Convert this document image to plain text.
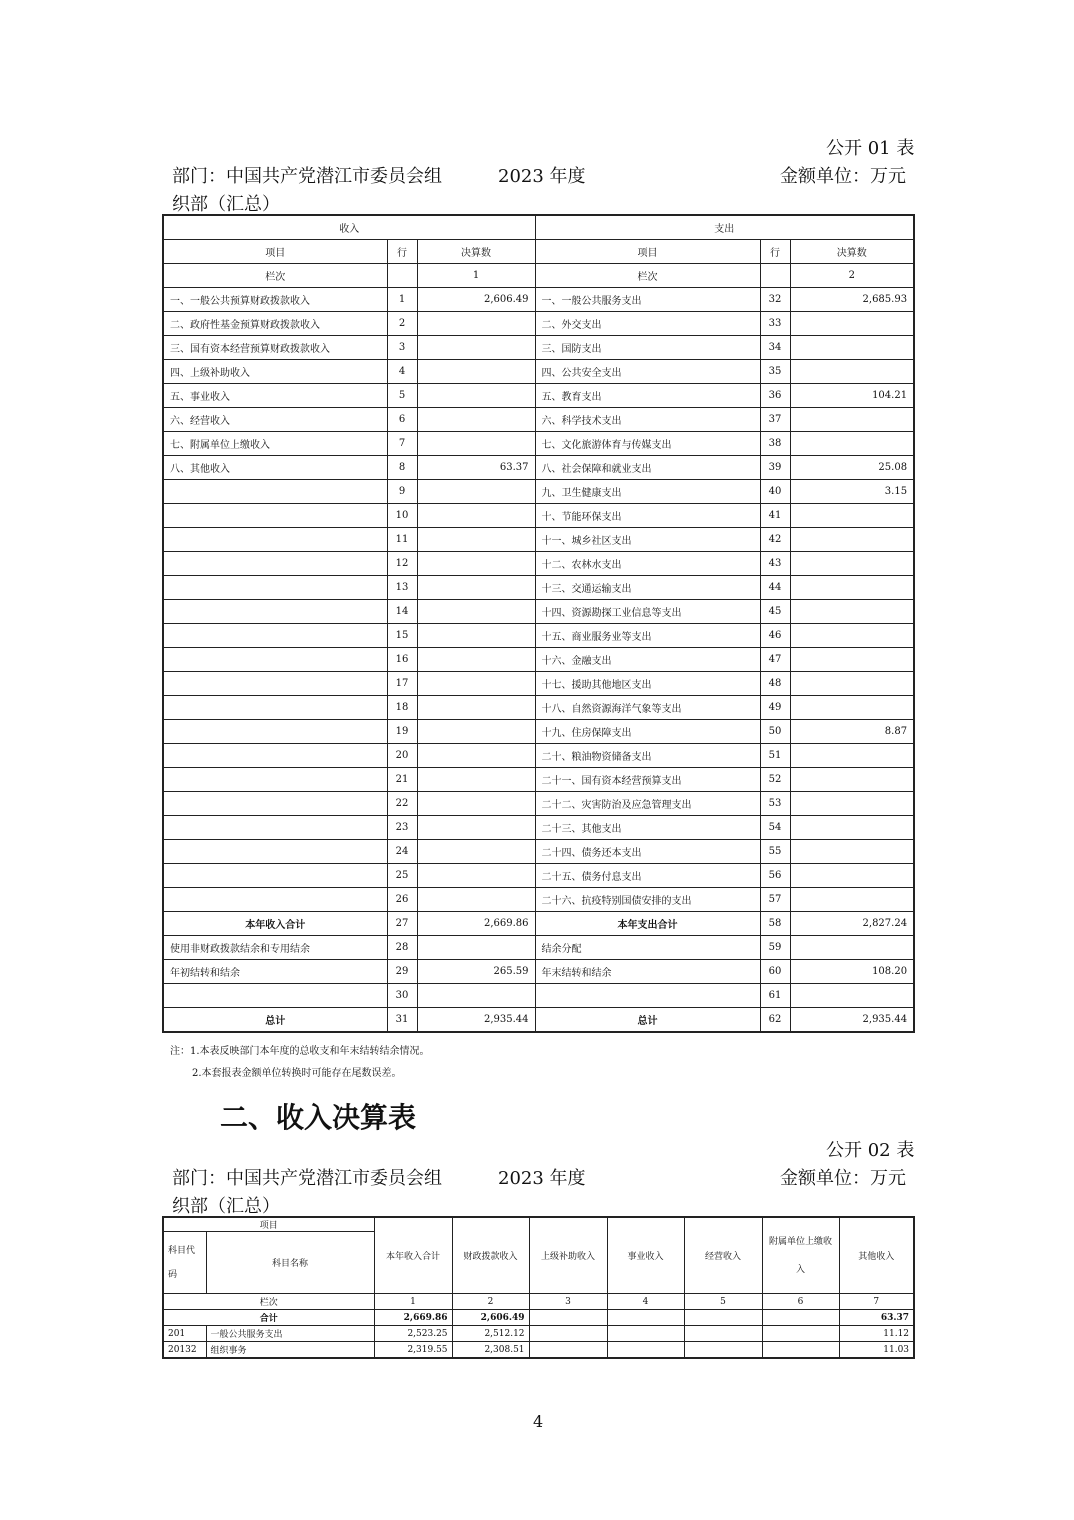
公开 01 表
部门：中国共产党潜江市委员会组	2023 年度	金额单位：万元
织部（汇总）
收入			支出		
项目	行	决算数	项目	行	决算数
栏次		1	栏次		2
一、一般公共预算财政拨款收入	1	2,606.49	一、一般公共服务支出	32	2,685.93
二、政府性基金预算财政拨款收入	2		二、外交支出	33	
三、国有资本经营预算财政拨款收入	3		三、国防支出	34	
四、上级补助收入	4		四、公共安全支出	35	
五、事业收入	5		五、教育支出	36	104.21
六、经营收入	6		六、科学技术支出	37	
七、附属单位上缴收入	7		七、文化旅游体育与传媒支出	38	
八、其他收入	8	63.37	八、社会保障和就业支出	39	25.08
	9		九、卫生健康支出	40	3.15
	10		十、节能环保支出	41	
	11		十一、城乡社区支出	42	
	12		十二、农林水支出	43	
	13		十三、交通运输支出	44	
	14		十四、资源勘探工业信息等支出	45	
	15		十五、商业服务业等支出	46	
	16		十六、金融支出	47	
	17		十七、援助其他地区支出	48	
	18		十八、自然资源海洋气象等支出	49	
	19		十九、住房保障支出	50	8.87
	20		二十、粮油物资储备支出	51	
	21		二十一、国有资本经营预算支出	52	
	22		二十二、灾害防治及应急管理支出	53	
	23		二十三、其他支出	54	
	24		二十四、债务还本支出	55	
	25		二十五、债务付息支出	56	
	26		二十六、抗疫特别国债安排的支出	57	
本年收入合计	27	2,669.86	本年支出合计	58	2,827.24
使用非财政拨款结余和专用结余	28		结余分配	59	
年初结转和结余	29	265.59	年末结转和结余	60	108.20
	30			61	
总计	31	2,935.44	总计	62	2,935.44
注：1.本表反映部门本年度的总收支和年末结转结余情况。
2.本套报表金额单位转换时可能存在尾数误差。
二、收入决算表
公开 02 表
部门：中国共产党潜江市委员会组	2023 年度	金额单位：万元
织部（汇总）
项目		本年收入合计	财政拨款收入	上级补助收入	事业收入	经营收入	附属单位上缴收入	其他收入
科目代码	科目名称							
栏次		1	2	3	4	5	6	7
合计		2,669.86	2,606.49					63.37
201	一般公共服务支出	2,523.25	2,512.12					11.12
20132	组织事务	2,319.55	2,308.51					11.03
4
